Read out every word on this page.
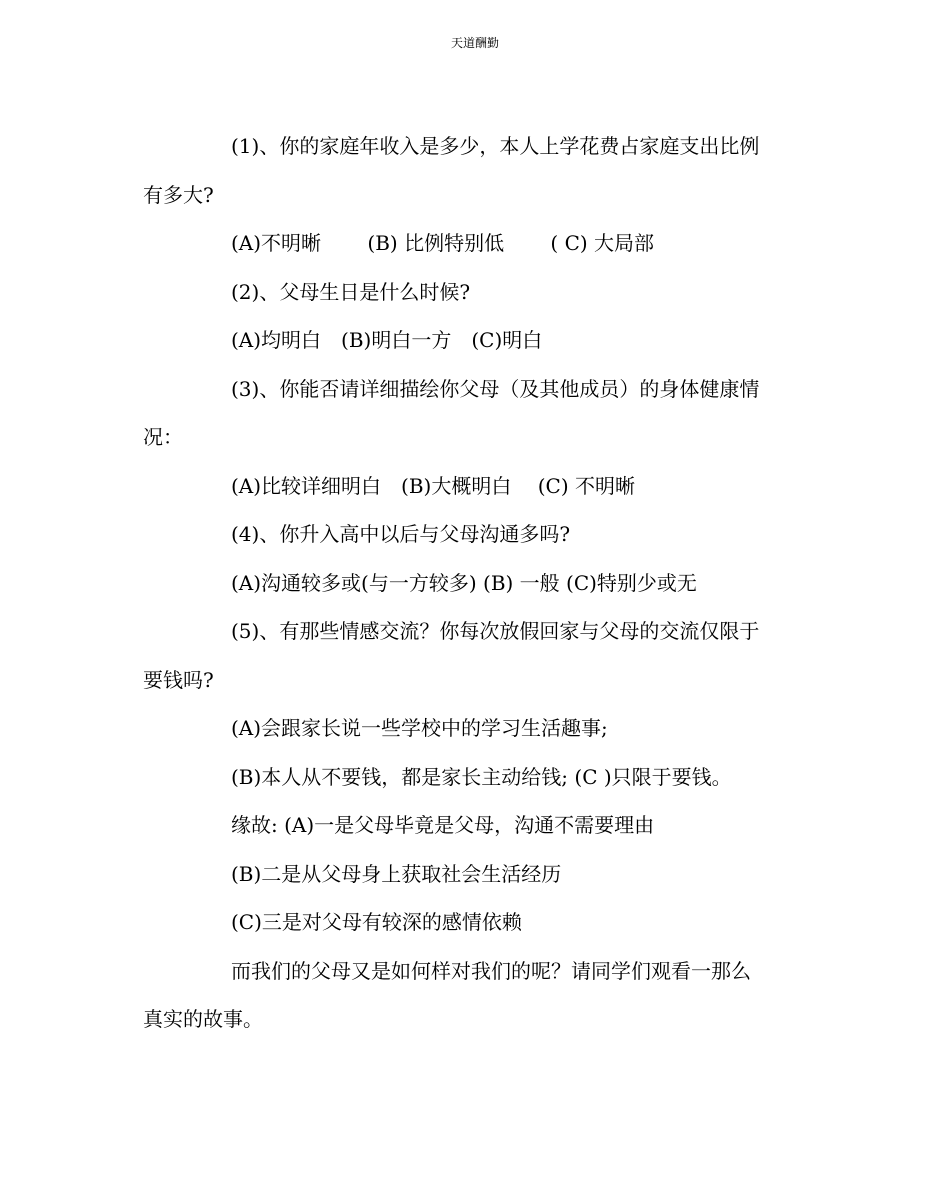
天道酬勤
(1)、你的家庭年收入是多少，本人上学花费占家庭支出比例
有多大?
(A)不明晰　　 (B) 比例特别低　　 ( C) 大局部
(2)、父母生日是什么时候?
(A)均明白　(B)明白一方　(C)明白
(3)、你能否请详细描绘你父母（及其他成员）的身体健康情
况：
(A)比较详细明白　(B)大概明白　 (C) 不明晰
(4)、你升入高中以后与父母沟通多吗?
(A)沟通较多或(与一方较多) (B) 一般 (C)特别少或无
(5)、有那些情感交流？你每次放假回家与父母的交流仅限于
要钱吗?
(A)会跟家长说一些学校中的学习生活趣事;
(B)本人从不要钱，都是家长主动给钱; (C )只限于要钱。
缘故: (A)一是父母毕竟是父母，沟通不需要理由
(B)二是从父母身上获取社会生活经历
(C)三是对父母有较深的感情依赖
而我们的父母又是如何样对我们的呢？请同学们观看一那么
真实的故事。
